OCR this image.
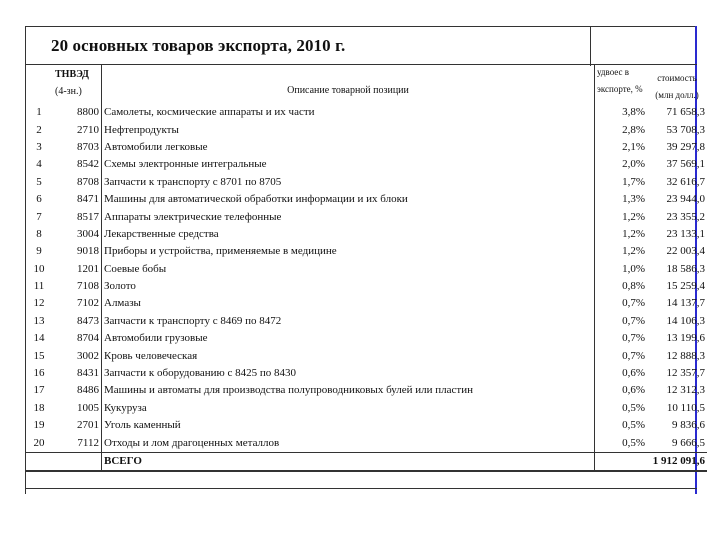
20 основных товаров экспорта, 2010 г.

	ТНВЭД
(4-зн.)	Описание товарной позиции	удвоес в экспорте, %	стоимость (млн долл.)
1	8800	Самолеты, космические аппараты и их части	3,8%	71 658,3
2	2710	Нефтепродукты	2,8%	53 708,3
3	8703	Автомобили легковые	2,1%	39 297,8
4	8542	Схемы электронные интегральные	2,0%	37 569,1
5	8708	Запчасти к транспорту с 8701 по 8705	1,7%	32 616,7
6	8471	Машины для автоматической обработки информации и их блоки	1,3%	23 944,0
7	8517	Аппараты электрические телефонные	1,2%	23 355,2
8	3004	Лекарственные средства	1,2%	23 133,1
9	9018	Приборы и устройства, применяемые в медицине	1,2%	22 003,4
10	1201	Соевые бобы	1,0%	18 586,3
11	7108	Золото	0,8%	15 259,4
12	7102	Алмазы	0,7%	14 137,7
13	8473	Запчасти к транспорту с 8469 по 8472	0,7%	14 106,3
14	8704	Автомобили грузовые	0,7%	13 199,6
15	3002	Кровь человеческая	0,7%	12 888,3
16	8431	Запчасти к оборудованию с 8425 по 8430	0,6%	12 357,7
17	8486	Машины и автоматы для производства полупроводниковых булей или пластин	0,6%	12 312,3
18	1005	Кукуруза	0,5%	10 110,5
19	2701	Уголь каменный	0,5%	9 836,6
20	7112	Отходы и лом драгоценных металлов	0,5%	9 666,5
		ВСЕГО		1 912 091,6
